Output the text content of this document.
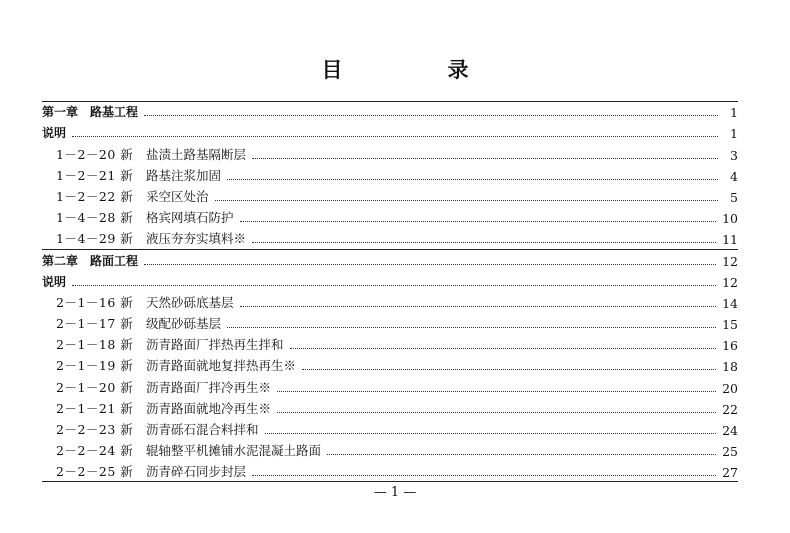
目　录
第一章　路基工程	1
说明	1
1－2－20 新	盐渍土路基隔断层	3
1－2－21 新	路基注浆加固	4
1－2－22 新	采空区处治	5
1－4－28 新	格宾网填石防护	10
1－4－29 新	液压夯夯实填料※	11
第二章　路面工程	12
说明	12
2－1－16 新	天然砂砾底基层	14
2－1－17 新	级配砂砾基层	15
2－1－18 新	沥青路面厂拌热再生拌和	16
2－1－19 新	沥青路面就地复拌热再生※	18
2－1－20 新	沥青路面厂拌冷再生※	20
2－1－21 新	沥青路面就地冷再生※	22
2－2－23 新	沥青砾石混合料拌和	24
2－2－24 新	辊轴整平机摊铺水泥混凝土路面	25
2－2－25 新	沥青碎石同步封层	27
— 1 —
